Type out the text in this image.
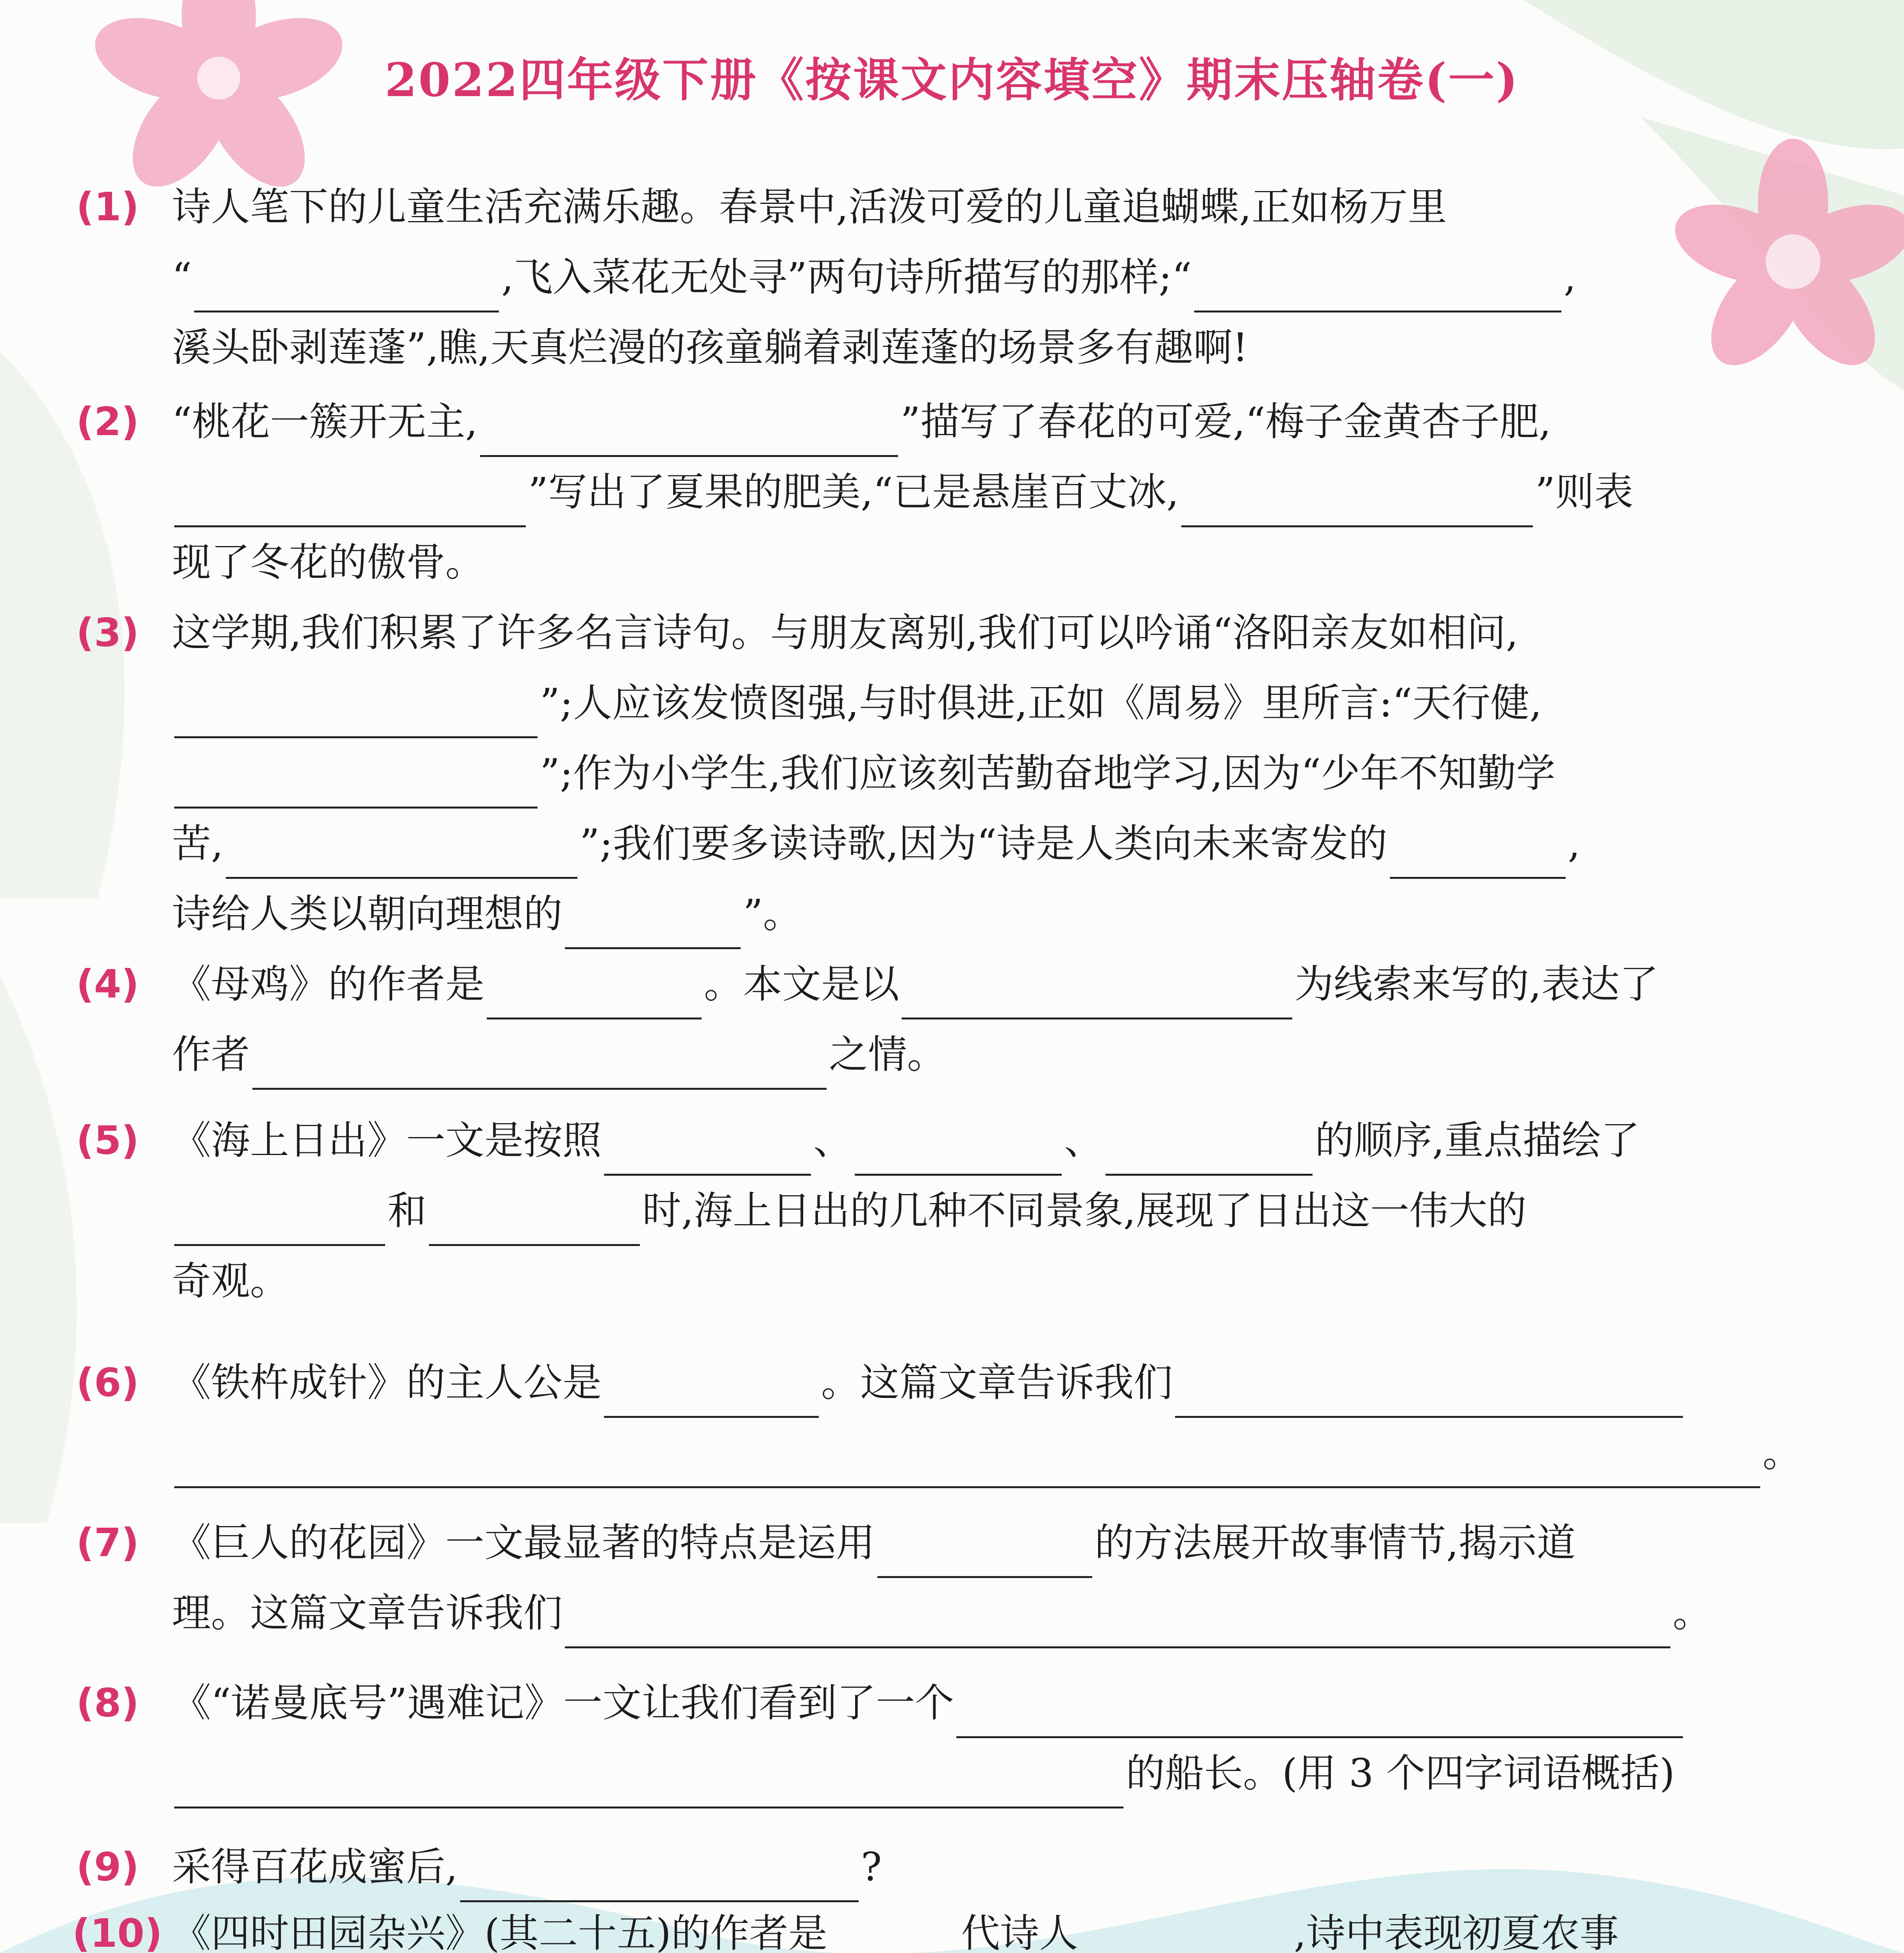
2022四年级下册《按课文内容填空》期末压轴卷(一)
(1) 诗人笔下的儿童生活充满乐趣。春景中,活泼可爱的儿童追蝴蝶,正如杨万里
“	,飞入菜花无处寻”两句诗所描写的那样;“	,
溪头卧剥莲蓬”,瞧,天真烂漫的孩童躺着剥莲蓬的场景多有趣啊!
(2) “桃花一簇开无主,	”描写了春花的可爱,“梅子金黄杏子肥,
”写出了夏果的肥美,“已是悬崖百丈冰,	”则表
现了冬花的傲骨。
(3) 这学期,我们积累了许多名言诗句。与朋友离别,我们可以吟诵“洛阳亲友如相问,
”;人应该发愤图强,与时俱进,正如《周易》里所言:“天行健,
”;作为小学生,我们应该刻苦勤奋地学习,因为“少年不知勤学
苦,	”;我们要多读诗歌,因为“诗是人类向未来寄发的	,
诗给人类以朝向理想的	”。
(4) 《母鸡》的作者是	。本文是以	为线索来写的,表达了
作者	之情。
(5) 《海上日出》一文是按照	、	、	的顺序,重点描绘了
和	时,海上日出的几种不同景象,展现了日出这一伟大的
奇观。
(6) 《铁杵成针》的主人公是	。这篇文章告诉我们
。
(7) 《巨人的花园》一文最显著的特点是运用	的方法展开故事情节,揭示道
理。这篇文章告诉我们	。
(8) 《“诺曼底号”遇难记》一文让我们看到了一个
的船长。(用 3 个四字词语概括)
(9) 采得百花成蜜后,	?
(10) 《四时田园杂兴》(其二十五)的作者是	代诗人	,诗中表现初夏农事
